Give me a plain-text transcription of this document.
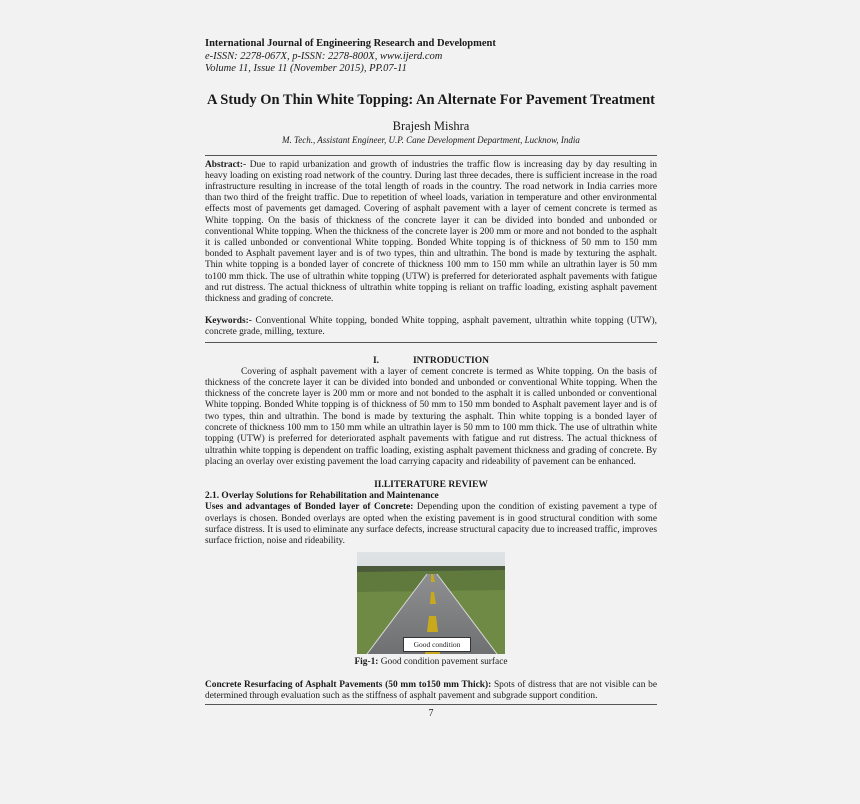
International Journal of Engineering Research and Development
e-ISSN: 2278-067X, p-ISSN: 2278-800X, www.ijerd.com
Volume 11, Issue 11 (November 2015), PP.07-11
A Study On Thin White Topping: An Alternate For Pavement Treatment
Brajesh Mishra
M. Tech., Assistant Engineer, U.P. Cane Development Department, Lucknow, India
Abstract:- Due to rapid urbanization and growth of industries the traffic flow is increasing day by day resulting in heavy loading on existing road network of the country. During last three decades, there is sufficient increase in the road infrastructure resulting in increase of the total length of roads in the country. The road network in India carries more than two third of the freight traffic. Due to repetition of wheel loads, variation in temperature and other environmental effects most of pavements get damaged. Covering of asphalt pavement with a layer of cement concrete is termed as White topping. On the basis of thickness of the concrete layer it can be divided into bonded and unbonded or conventional White topping. When the thickness of the concrete layer is 200 mm or more and not bonded to the asphalt it is called unbonded or conventional White topping. Bonded White topping is of thickness of 50 mm to 150 mm bonded to Asphalt pavement layer and is of two types, thin and ultrathin. The bond is made by texturing the asphalt. Thin white topping is a bonded layer of concrete of thickness 100 mm to 150 mm while an ultrathin layer is 50 mm to100 mm thick. The use of ultrathin white topping (UTW) is preferred for deteriorated asphalt pavements with fatigue and rut distress. The actual thickness of ultrathin white topping is reliant on traffic loading, existing asphalt pavement thickness and grading of concrete.
Keywords:- Conventional White topping, bonded White topping, asphalt pavement, ultrathin white topping (UTW), concrete grade, milling, texture.
I.	INTRODUCTION
Covering of asphalt pavement with a layer of cement concrete is termed as White topping. On the basis of thickness of the concrete layer it can be divided into bonded and unbonded or conventional White topping. When the thickness of the concrete layer is 200 mm or more and not bonded to the asphalt it is called unbonded or conventional White topping. Bonded White topping is of thickness of 50 mm to 150 mm bonded to Asphalt pavement layer and is of two types, thin and ultrathin. The bond is made by texturing the asphalt. Thin white topping is a bonded layer of concrete of thickness 100 mm to 150 mm while an ultrathin layer is 50 mm to 100 mm thick. The use of ultrathin white topping (UTW) is preferred for deteriorated asphalt pavements with fatigue and rut distress. The actual thickness of ultrathin white topping is dependent on traffic loading, existing asphalt pavement thickness and grading of concrete. By placing an overlay over existing pavement the load carrying capacity and rideability of pavement can be enhanced.
II.LITERATURE REVIEW
2.1. Overlay Solutions for Rehabilitation and Maintenance
Uses and advantages of Bonded layer of Concrete: Depending upon the condition of existing pavement a type of overlays is chosen. Bonded overlays are opted when the existing pavement is in good structural condition with some surface distress. It is used to eliminate any surface defects, increase structural capacity due to increased traffic, improves surface friction, noise and rideability.
Good condition
Fig-1: Good condition pavement surface
Concrete Resurfacing of Asphalt Pavements (50 mm to150 mm Thick): Spots of distress that are not visible can be determined through evaluation such as the stiffness of asphalt pavement and subgrade support condition.
7
